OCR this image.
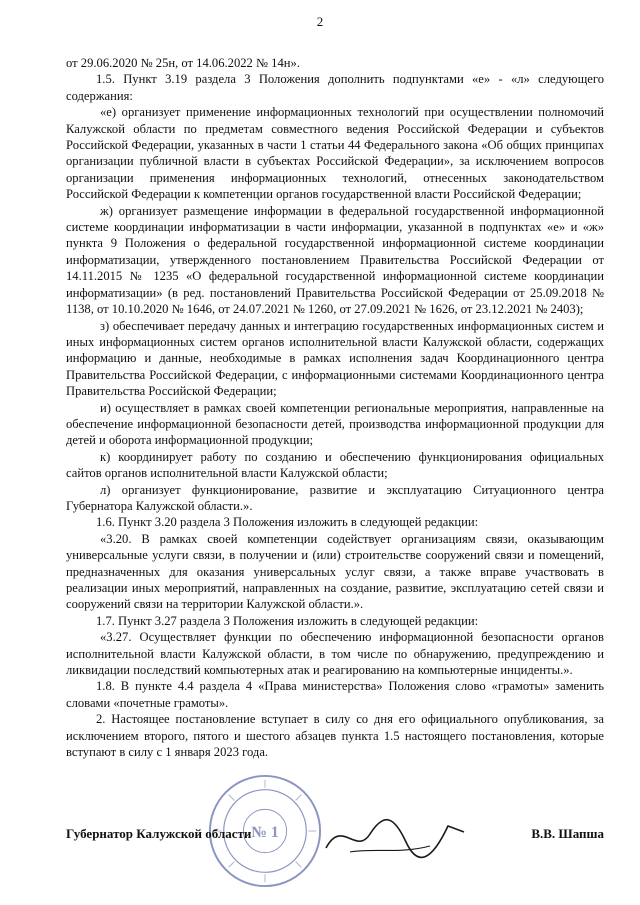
2

от 29.06.2020 № 25н, от 14.06.2022 № 14н».

1.5. Пункт 3.19 раздела 3 Положения дополнить подпунктами «е» - «л» следующего содержания:

«е) организует применение информационных технологий при осуществлении полномочий Калужской области по предметам совместного ведения Российской Федерации и субъектов Российской Федерации, указанных в части 1 статьи 44 Федерального закона «Об общих принципах организации публичной власти в субъектах Российской Федерации», за исключением вопросов организации применения информационных технологий, отнесенных законодательством Российской Федерации к компетенции органов государственной власти Российской Федерации;

ж) организует размещение информации в федеральной государственной информационной системе координации информатизации в части информации, указанной в подпунктах «е» и «ж» пункта 9 Положения о федеральной государственной информационной системе координации информатизации, утвержденного постановлением Правительства Российской Федерации от 14.11.2015 № 1235 «О федеральной государственной информационной системе координации информатизации» (в ред. постановлений Правительства Российской Федерации от 25.09.2018 № 1138, от 10.10.2020 № 1646, от 24.07.2021 № 1260, от 27.09.2021 № 1626, от 23.12.2021 № 2403);

з) обеспечивает передачу данных и интеграцию государственных информационных систем и иных информационных систем органов исполнительной власти Калужской области, содержащих информацию и данные, необходимые в рамках исполнения задач Координационного центра Правительства Российской Федерации, с информационными системами Координационного центра Правительства Российской Федерации;

и) осуществляет в рамках своей компетенции региональные мероприятия, направленные на обеспечение информационной безопасности детей, производства информационной продукции для детей и оборота информационной продукции;

к) координирует работу по созданию и обеспечению функционирования официальных сайтов органов исполнительной власти Калужской области;

л) организует функционирование, развитие и эксплуатацию Ситуационного центра Губернатора Калужской области.».

1.6. Пункт 3.20 раздела 3 Положения изложить в следующей редакции:

«3.20. В рамках своей компетенции содействует организациям связи, оказывающим универсальные услуги связи, в получении и (или) строительстве сооружений связи и помещений, предназначенных для оказания универсальных услуг связи, а также вправе участвовать в реализации иных мероприятий, направленных на создание, развитие, эксплуатацию сетей связи и сооружений связи на территории Калужской области.».

1.7. Пункт 3.27 раздела 3 Положения изложить в следующей редакции:

«3.27. Осуществляет функции по обеспечению информационной безопасности органов исполнительной власти Калужской области, в том числе по обнаружению, предупреждению и ликвидации последствий компьютерных атак и реагированию на компьютерные инциденты.».

1.8. В пункте 4.4 раздела 4 «Права министерства» Положения слово «грамоты» заменить словами «почетные грамоты».

2. Настоящее постановление вступает в силу со дня его официального опубликования, за исключением второго, пятого и шестого абзацев пункта 1.5 настоящего постановления, которые вступают в силу с 1 января 2023 года.

№ 1
Губернатор Калужской области	В.В. Шапша
